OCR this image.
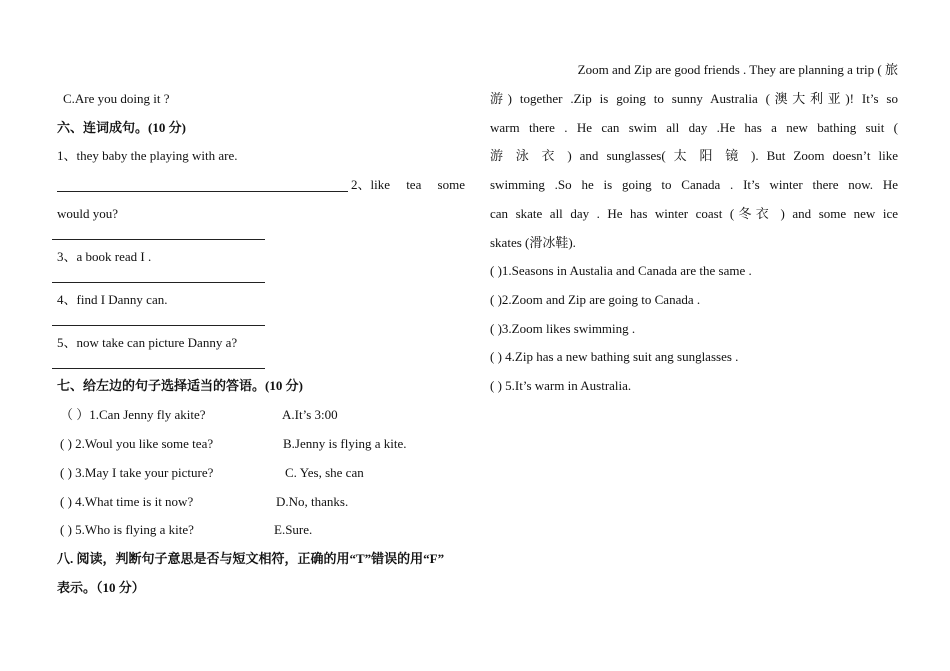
C.Are you doing it ?
六、连词成句。(10 分)
1、they baby the playing with are.
2、like tea some
would you?
3、a book read I .
4、find I Danny can.
5、now take can picture Danny a?
七、给左边的句子选择适当的答语。(10 分)
（ ）1.Can Jenny fly akite?	A.It’s 3:00
( ) 2.Woul you like some tea?	B.Jenny is flying a kite.
( ) 3.May I take your picture?	C. Yes, she can
( ) 4.What time is it now?	D.No, thanks.
( ) 5.Who is flying a kite?	E.Sure.
八. 阅读，判断句子意思是否与短文相符，正确的用“T”错误的用“F”
表示。（10 分）
Zoom and Zip are good friends . They are planning a trip ( 旅
游) together .Zip is going to sunny Australia (澳大利亚)! It’s so
warm there . He can swim all day .He has a new bathing suit (
游 泳 衣 ) and sunglasses( 太 阳 镜 ). But Zoom doesn’t like
swimming .So he is going to Canada . It’s winter there now. He
can skate all day . He has winter coast (冬衣 ) and some new ice
skates (滑冰鞋).
( )1.Seasons in Austalia and Canada are the same .
( )2.Zoom and Zip are going to Canada .
( )3.Zoom likes swimming .
( ) 4.Zip has a new bathing suit ang sunglasses .
( ) 5.It’s warm in Australia.
